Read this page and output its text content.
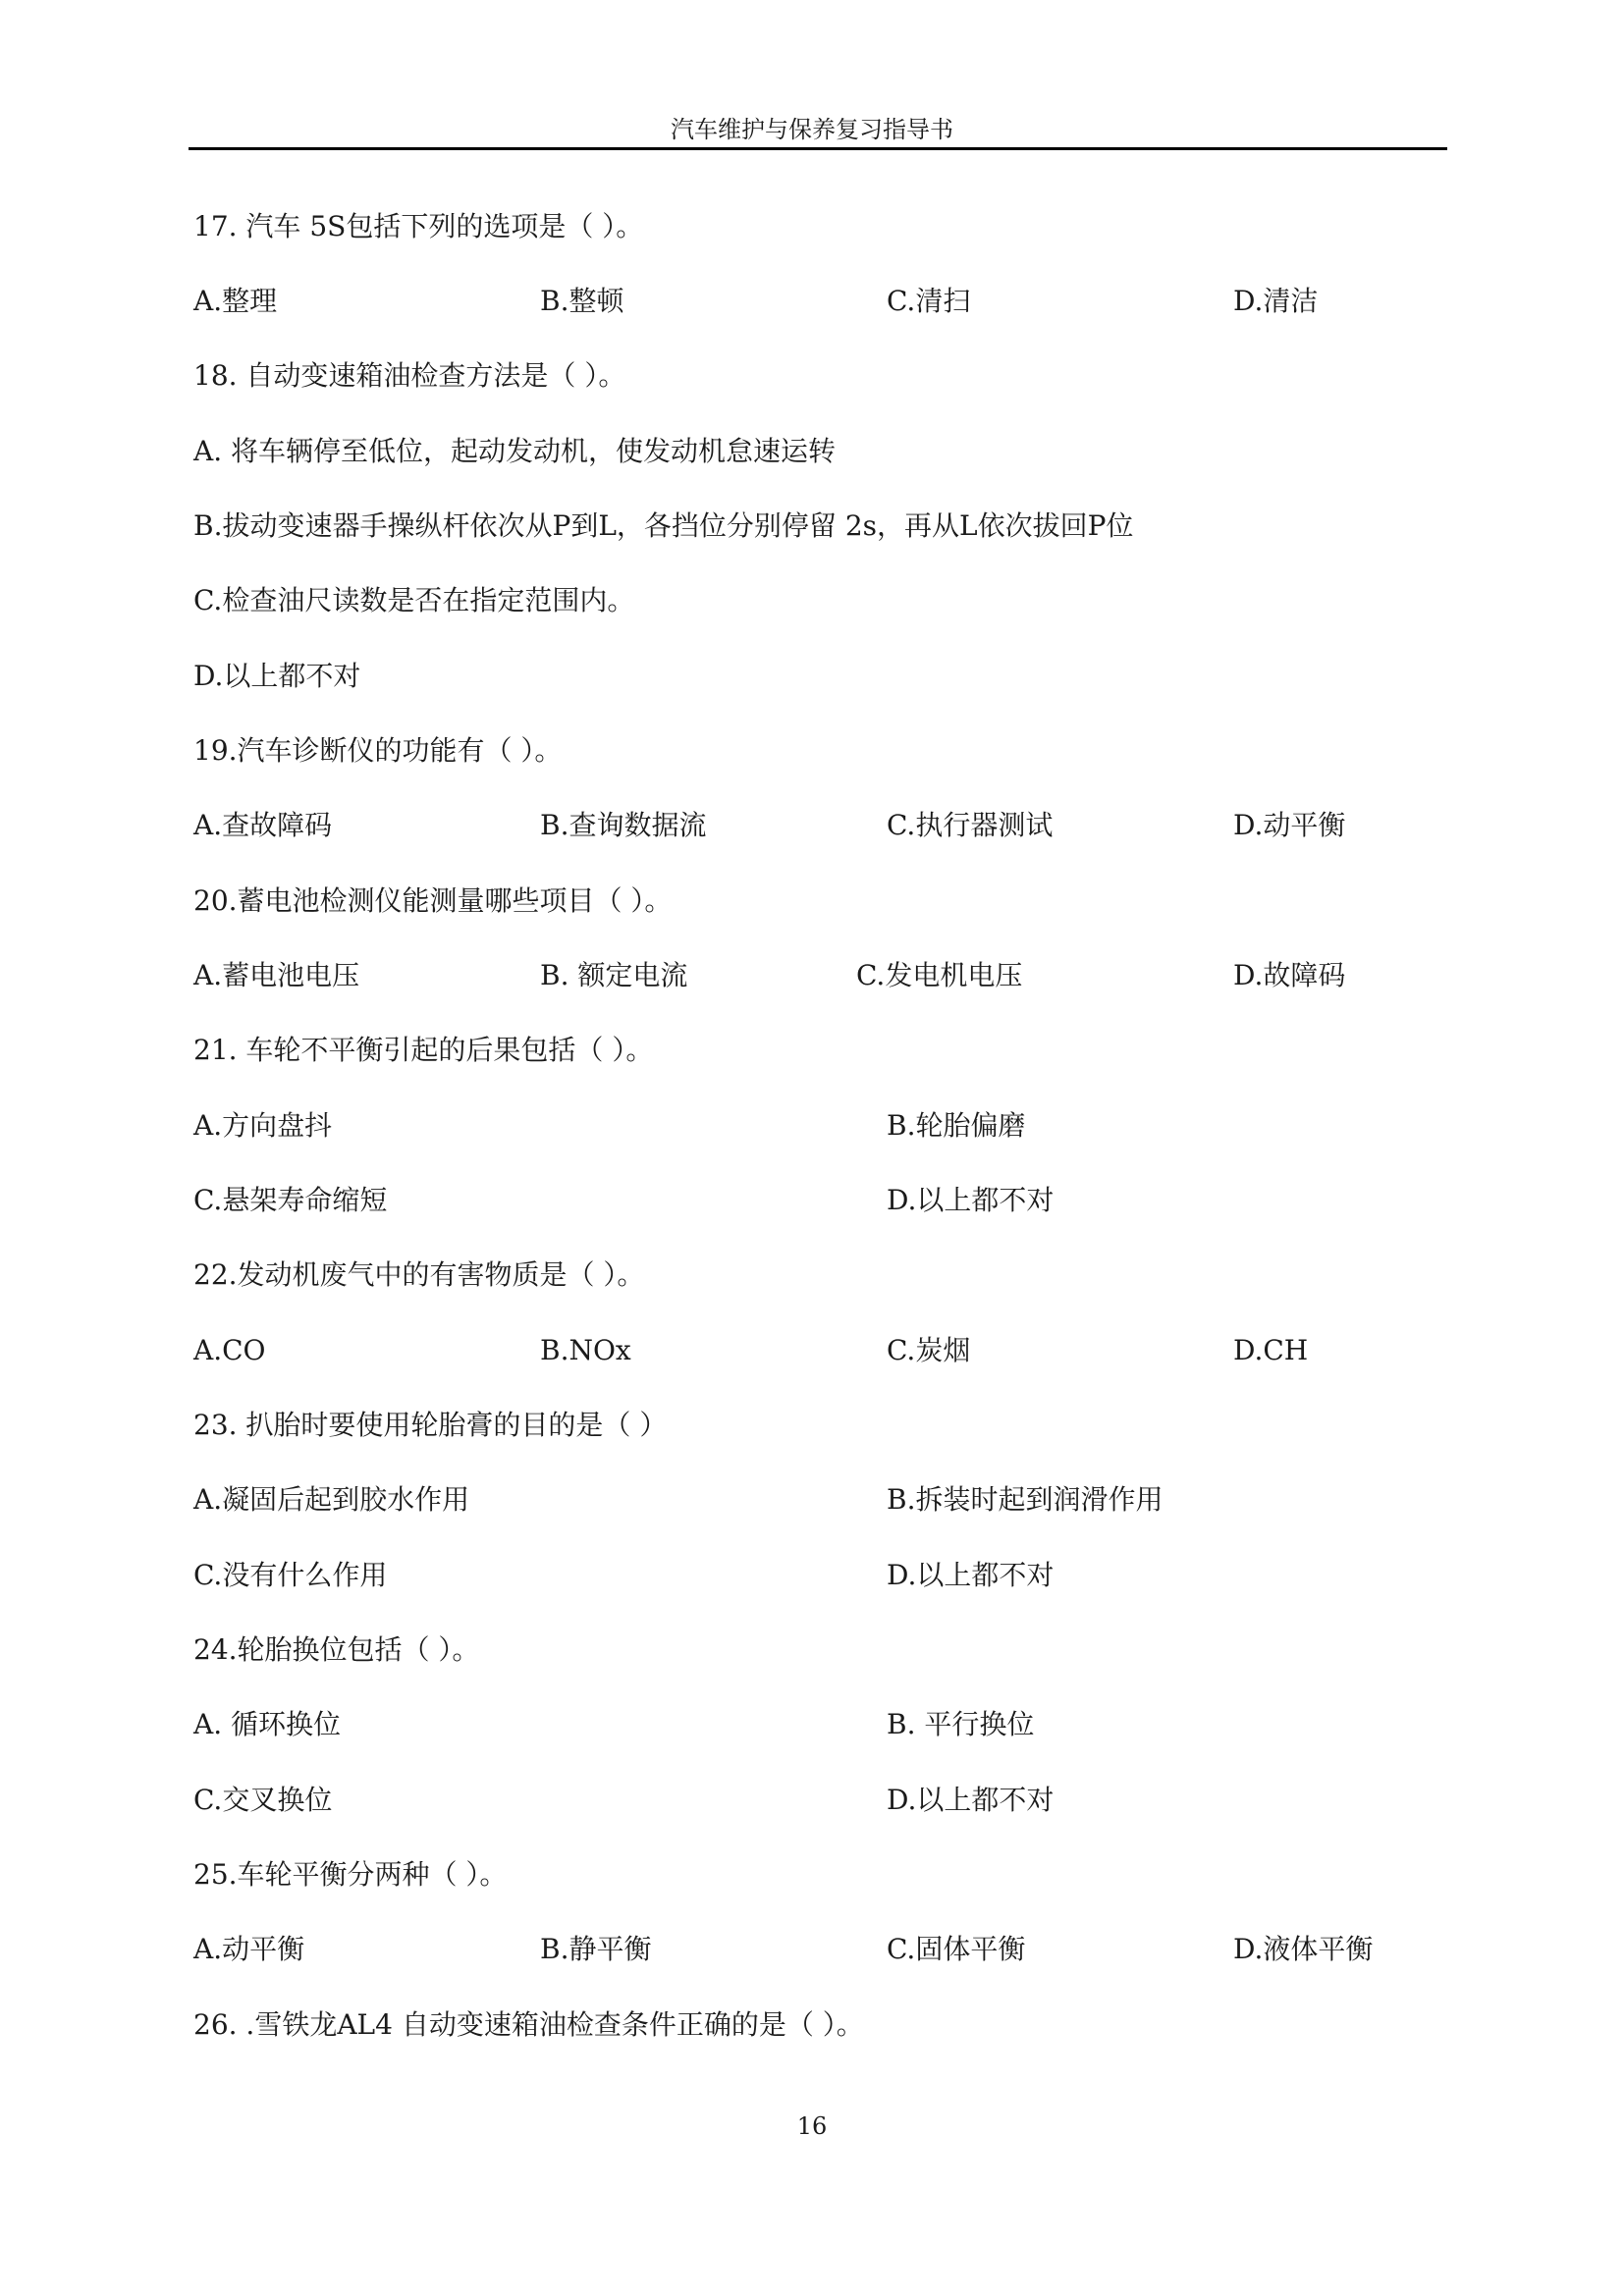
汽车维护与保养复习指导书
17. 汽车 5S包括下列的选项是（ ）。
A.整理	B.整顿	C.清扫	D.清洁
18. 自动变速箱油检查方法是（ ）。
A. 将车辆停至低位，起动发动机，使发动机怠速运转
B.拔动变速器手操纵杆依次从P到L，各挡位分别停留 2s，再从L依次拔回P位
C.检查油尺读数是否在指定范围内。
D.以上都不对
19.汽车诊断仪的功能有（ ）。
A.查故障码	B.查询数据流	C.执行器测试	D.动平衡
20.蓄电池检测仪能测量哪些项目（ ）。
A.蓄电池电压	B. 额定电流	C.发电机电压	D.故障码
21. 车轮不平衡引起的后果包括（ ）。
A.方向盘抖	B.轮胎偏磨
C.悬架寿命缩短	D.以上都不对
22.发动机废气中的有害物质是（ ）。
A.CO	B.NOx	C.炭烟	D.CH
23. 扒胎时要使用轮胎膏的目的是（ ）
A.凝固后起到胶水作用	B.拆装时起到润滑作用
C.没有什么作用	D.以上都不对
24.轮胎换位包括（ ）。
A. 循环换位	B. 平行换位
C.交叉换位	D.以上都不对
25.车轮平衡分两种（ ）。
A.动平衡	B.静平衡	C.固体平衡	D.液体平衡
26. .雪铁龙AL4 自动变速箱油检查条件正确的是（ ）。
16
